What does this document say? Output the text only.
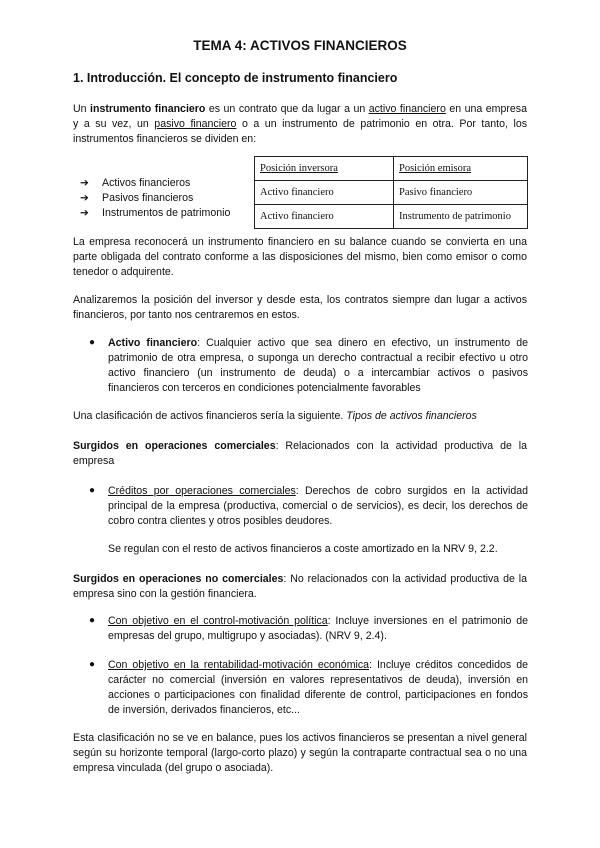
TEMA 4: ACTIVOS FINANCIEROS
1. Introducción. El concepto de instrumento financiero
Un instrumento financiero es un contrato que da lugar a un activo financiero en una empresa y a su vez, un pasivo financiero o a un instrumento de patrimonio en otra. Por tanto, los instrumentos financieros se dividen en:
➔ Activos financieros
➔ Pasivos financieros
➔ Instrumentos de patrimonio
Posición inversora	Posición emisora
Activo financiero	Pasivo financiero
Activo financiero	Instrumento de patrimonio
La empresa reconocerá un instrumento financiero en su balance cuando se convierta en una parte obligada del contrato conforme a las disposiciones del mismo, bien como emisor o como tenedor o adquirente.
Analizaremos la posición del inversor y desde esta, los contratos siempre dan lugar a activos financieros, por tanto nos centraremos en estos.
● Activo financiero: Cualquier activo que sea dinero en efectivo, un instrumento de patrimonio de otra empresa, o suponga un derecho contractual a recibir efectivo u otro activo financiero (un instrumento de deuda) o a intercambiar activos o pasivos financieros con terceros en condiciones potencialmente favorables
Una clasificación de activos financieros sería la siguiente. Tipos de activos financieros
Surgidos en operaciones comerciales: Relacionados con la actividad productiva de la empresa
● Créditos por operaciones comerciales: Derechos de cobro surgidos en la actividad principal de la empresa (productiva, comercial o de servicios), es decir, los derechos de cobro contra clientes y otros posibles deudores.
Se regulan con el resto de activos financieros a coste amortizado en la NRV 9, 2.2.
Surgidos en operaciones no comerciales: No relacionados con la actividad productiva de la empresa sino con la gestión financiera.
● Con objetivo en el control-motivación política: Incluye inversiones en el patrimonio de empresas del grupo, multigrupo y asociadas). (NRV 9, 2.4).
● Con objetivo en la rentabilidad-motivación económica: Incluye créditos concedidos de carácter no comercial (inversión en valores representativos de deuda), inversión en acciones o participaciones con finalidad diferente de control, participaciones en fondos de inversión, derivados financieros, etc...
Esta clasificación no se ve en balance, pues los activos financieros se presentan a nivel general según su horizonte temporal (largo-corto plazo) y según la contraparte contractual sea o no una empresa vinculada (del grupo o asociada).
